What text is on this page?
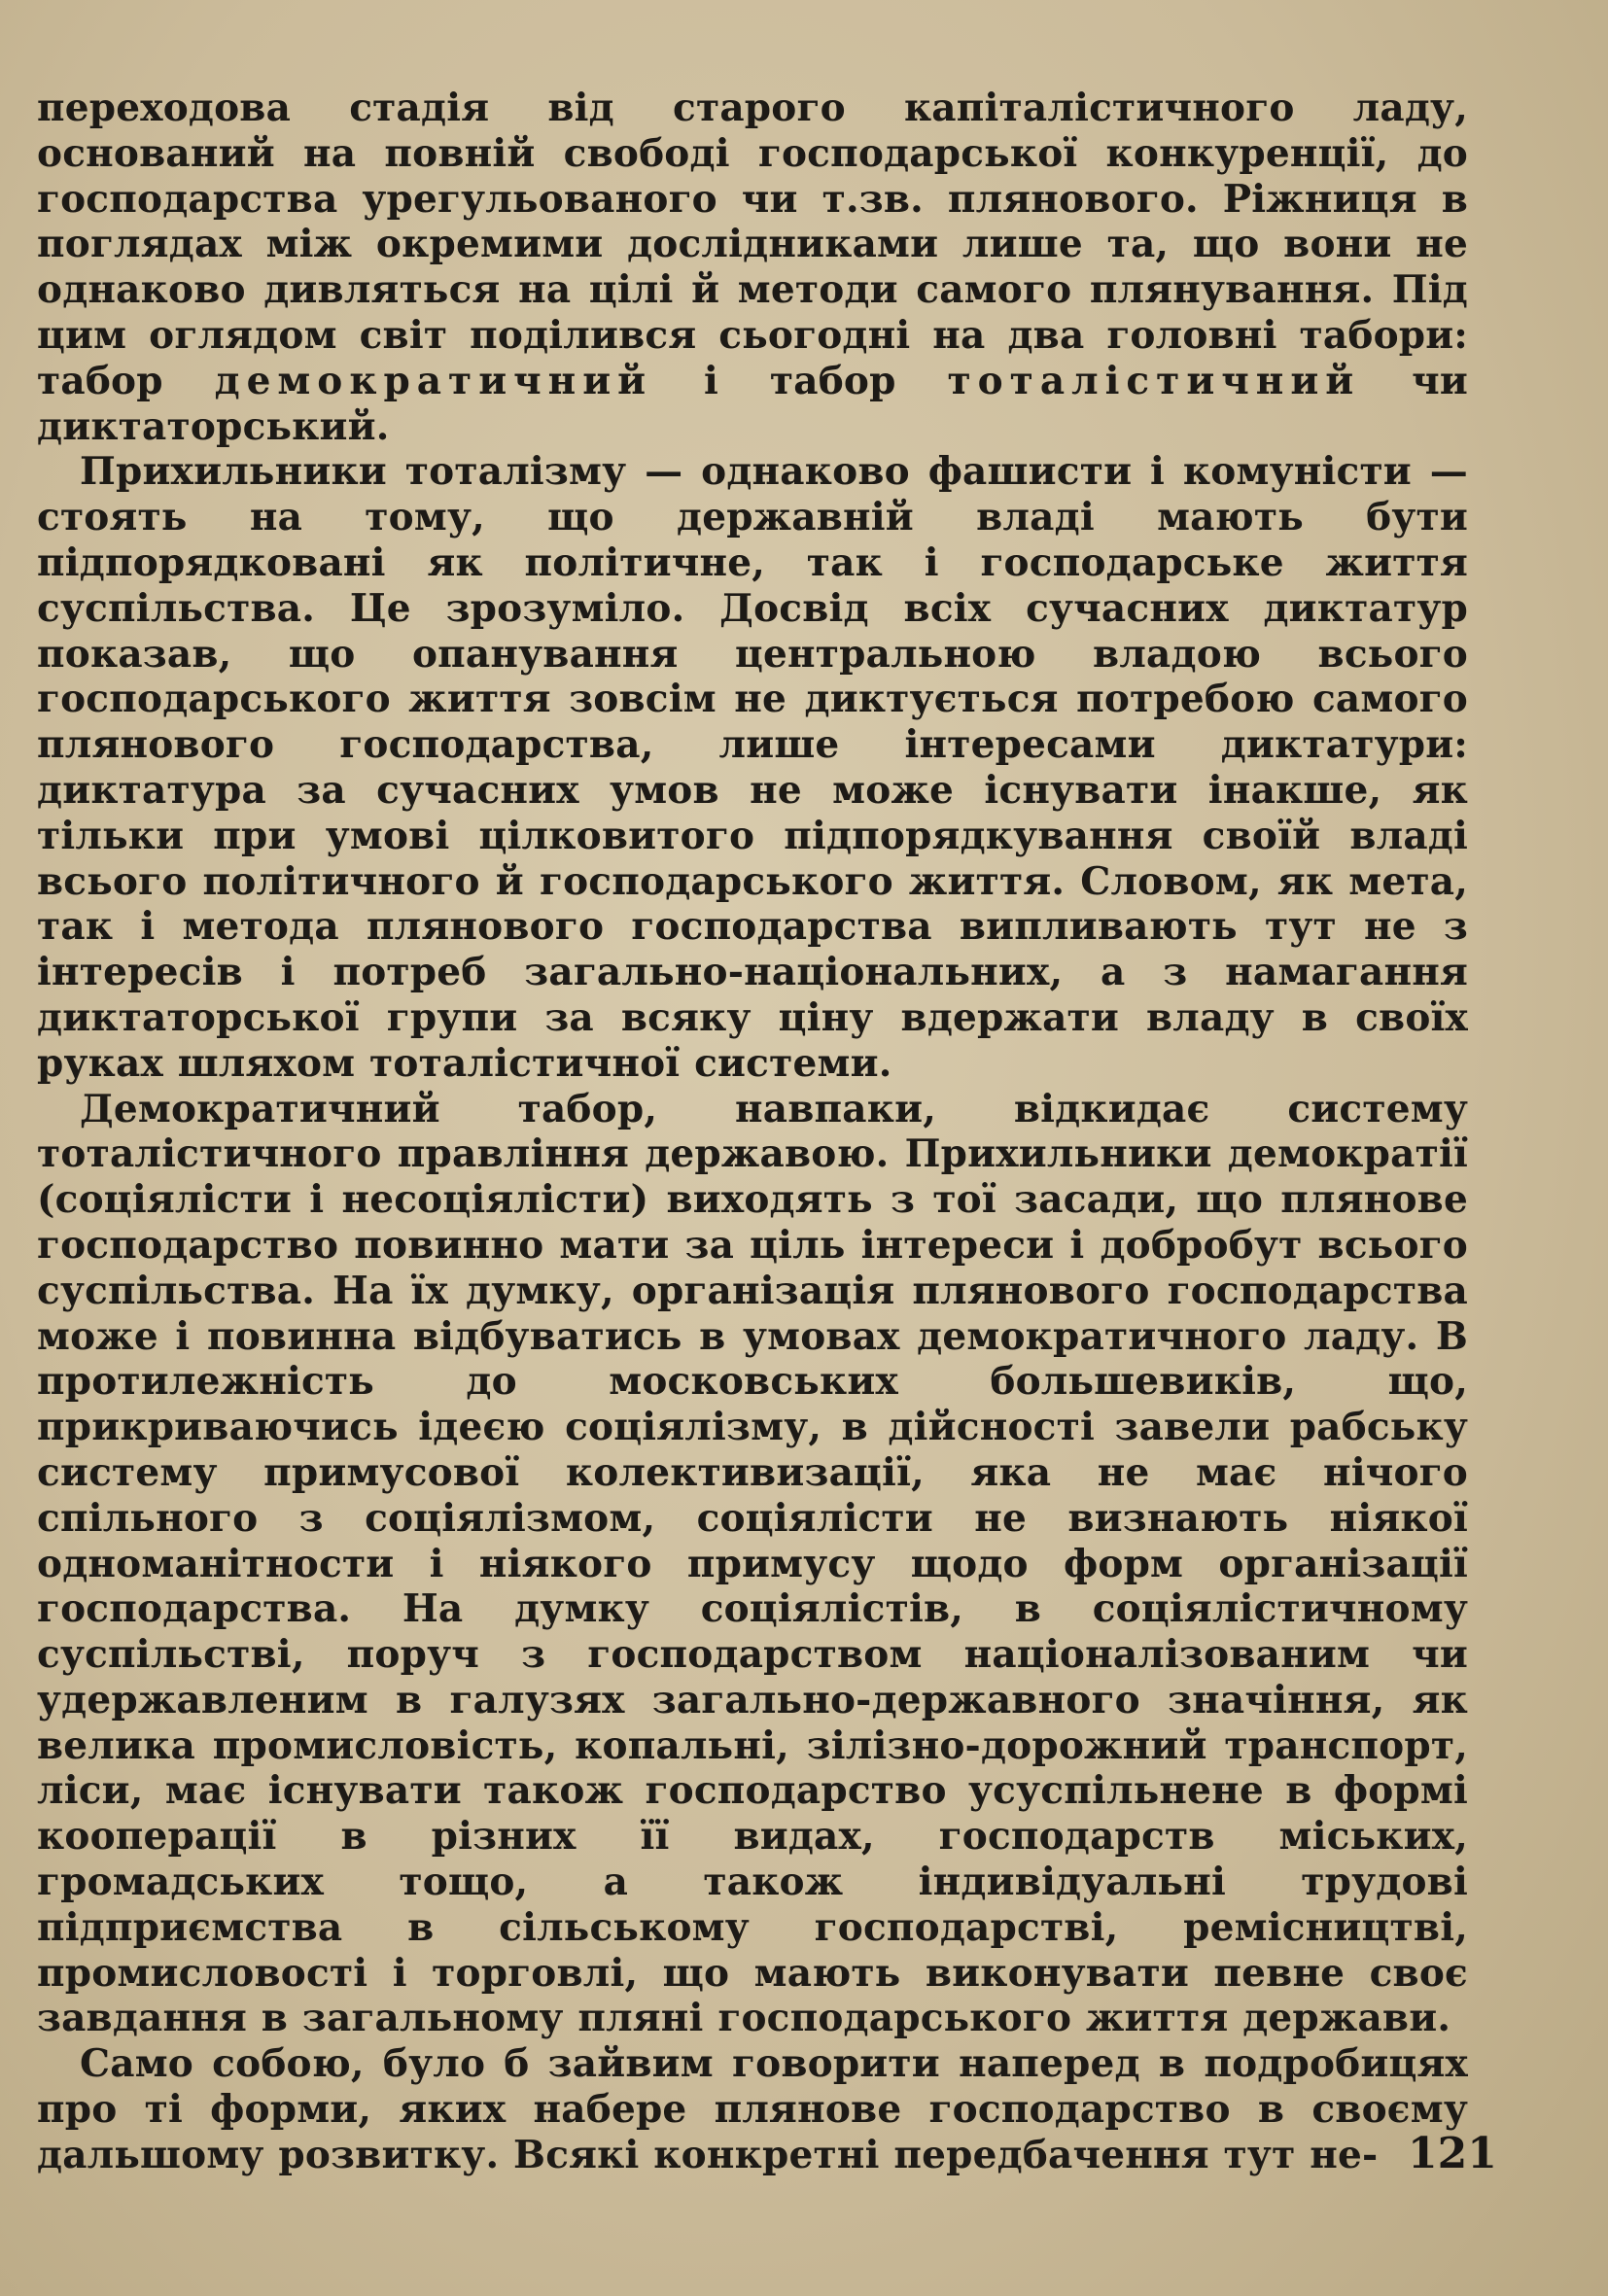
переходова стадія від старого капіталістичного ладу, оснований на повній свободі господарської конкуренції, до господарства урегульованого чи т.зв. плянового. Ріжниця в поглядах між окремими дослідниками лише та, що вони не однаково дивляться на цілі й методи самого плянування. Під цим оглядом світ поділився сьогодні на два головні табори: табор демократичний і табор тоталістичний чи диктаторський.

Прихильники тоталізму — однаково фашисти і комуністи — стоять на тому, що державній владі мають бути підпорядковані як політичне, так і господарське життя суспільства. Це зрозуміло. Досвід всіх сучасних диктатур показав, що опанування центральною владою всього господарського життя зовсім не диктується потребою самого плянового господарства, лише інтересами диктатури: диктатура за сучасних умов не може існувати інакше, як тільки при умові цілковитого підпорядкування своїй владі всього політичного й господарського життя. Словом, як мета, так і метода плянового господарства випливають тут не з інтересів і потреб загально-національних, а з намагання диктаторської групи за всяку ціну вдержати владу в своїх руках шляхом тоталістичної системи.

Демократичний табор, навпаки, відкидає систему тоталістичного правління державою. Прихильники демократії (соціялісти і несоціялісти) виходять з тої засади, що плянове господарство повинно мати за ціль інтереси і добробут всього суспільства. На їх думку, організація плянового господарства може і повинна відбуватись в умовах демократичного ладу. В протилежність до московських большевиків, що, прикриваючись ідеєю соціялізму, в дійсності завели рабську систему примусової колективизації, яка не має нічого спільного з соціялізмом, соціялісти не визнають ніякої одноманітности і ніякого примусу щодо форм організації господарства. На думку соціялістів, в соціялістичному суспільстві, поруч з господарством націоналізованим чи удержавленим в галузях загально-державного значіння, як велика промисловість, копальні, зілізно-дорожний транспорт, ліси, має існувати також господарство усуспільнене в формі кооперації в різних її видах, господарств міських, громадських тощо, а також індивідуальні трудові підприємства в сільському господарстві, ремісництві, промисловості і торговлі, що мають виконувати певне своє завдання в загальному пляні господарського життя держави.

Само собою, було б зайвим говорити наперед в подробицях про ті форми, яких набере плянове господарство в своєму дальшому розвитку. Всякі конкретні передбачення тут не- 121
